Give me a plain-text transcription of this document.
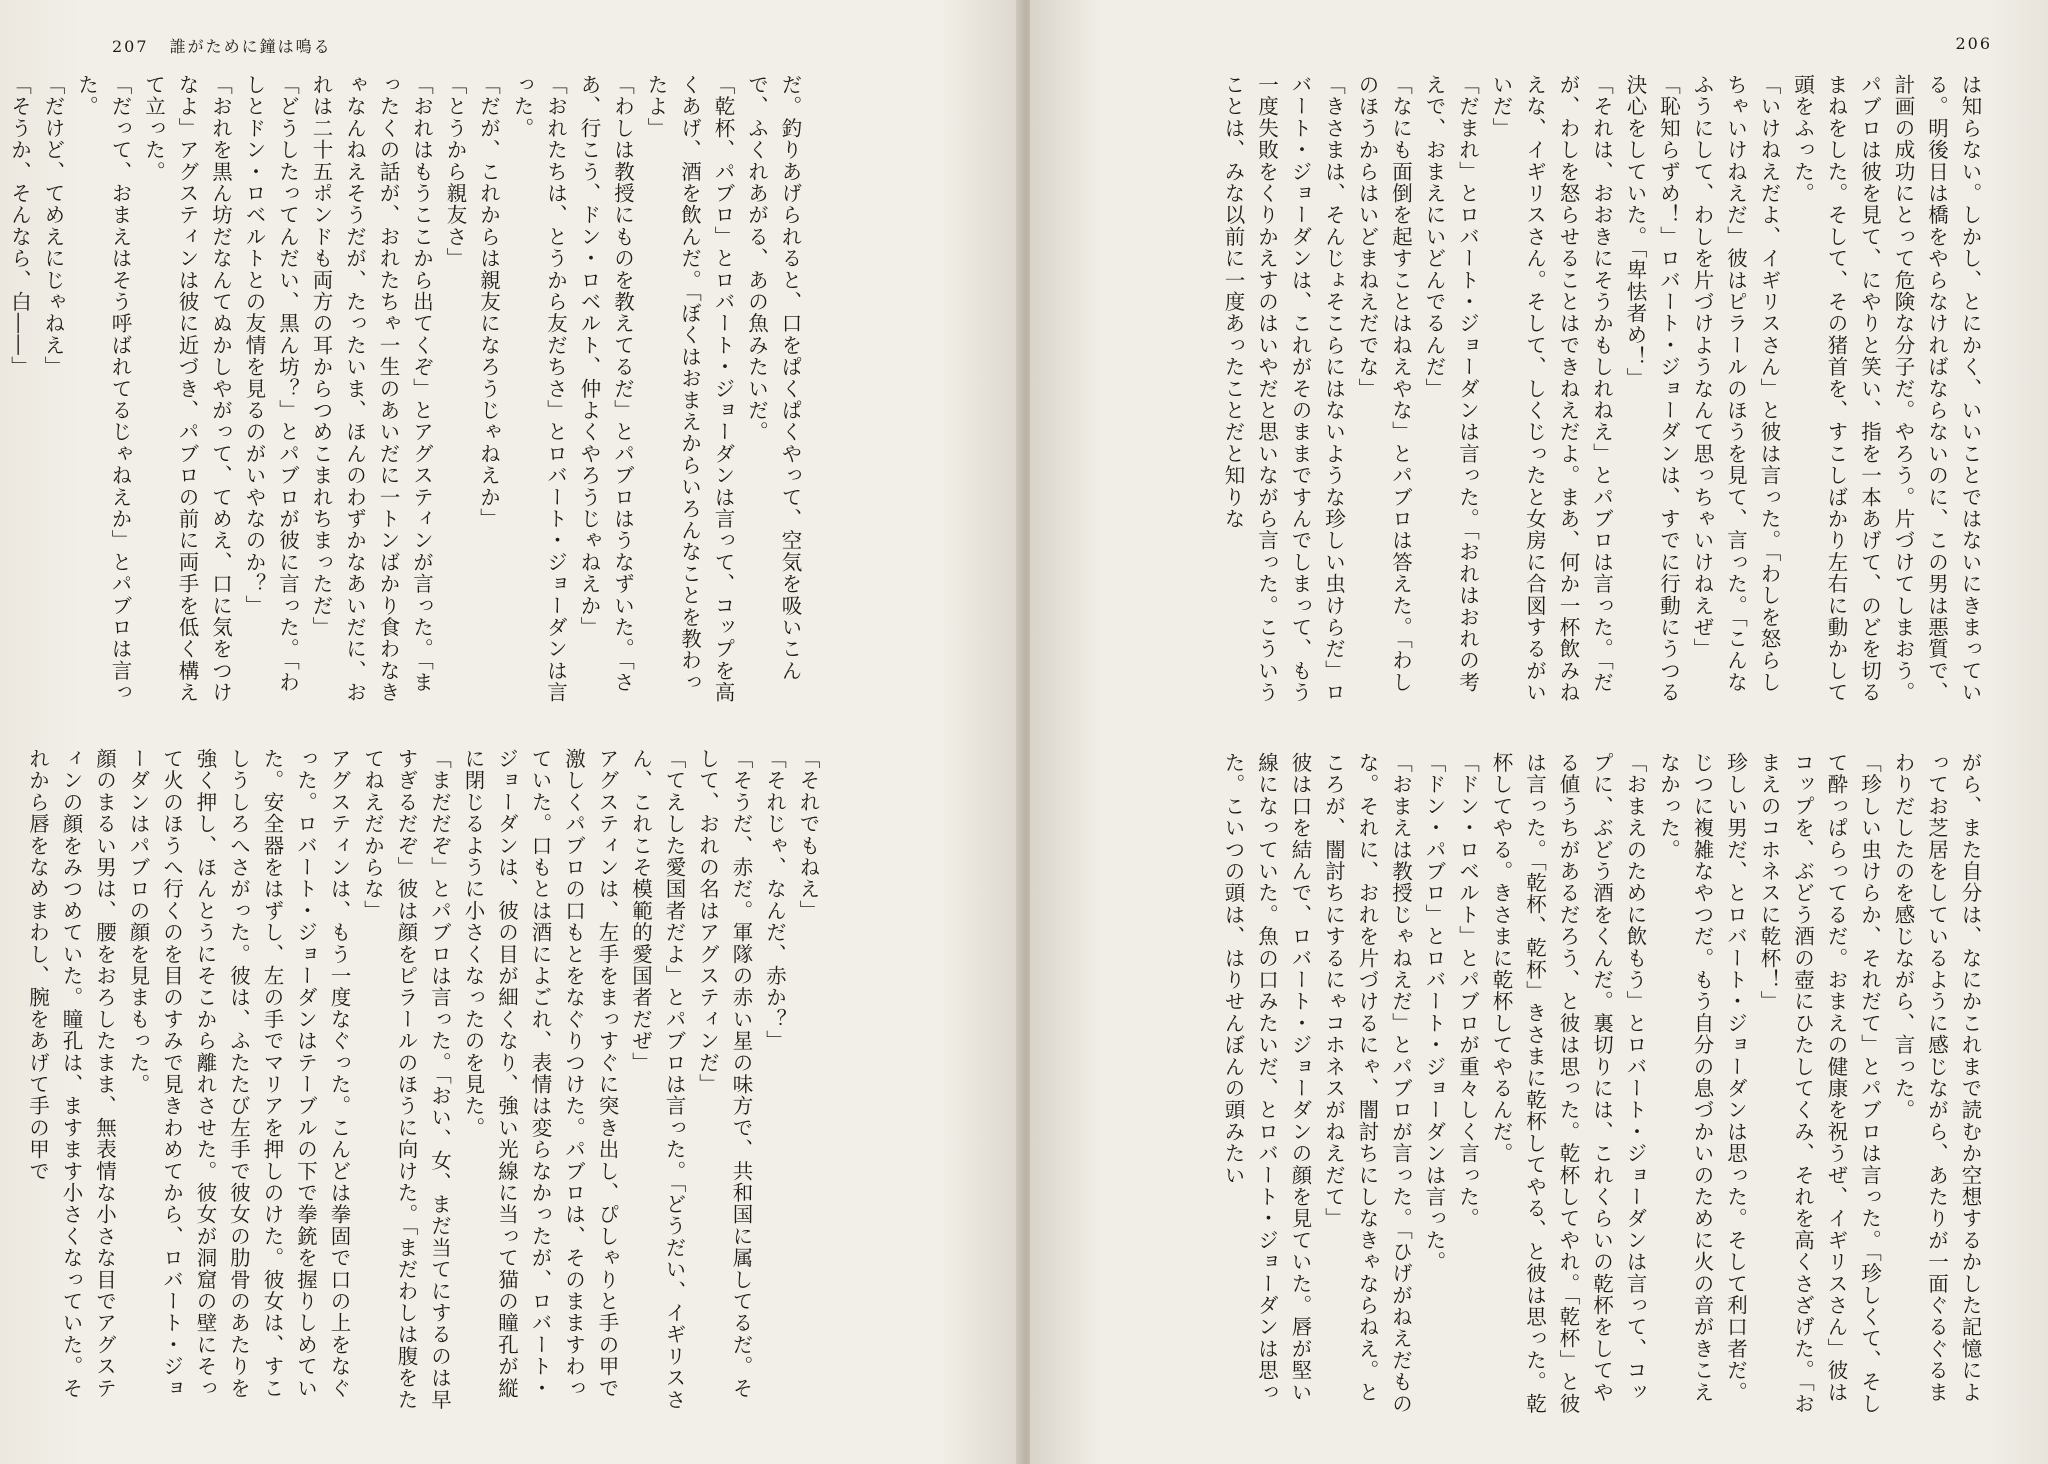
207 誰がために鐘は鳴る

だ。釣りあげられると、口をぱくぱくやって、空気を吸いこんで、ふくれあがる、あの魚みたいだ。

「乾杯、パブロ」とロバート・ジョーダンは言って、コップを高くあげ、酒を飲んだ。「ぼくはおまえからいろんなことを教わったよ」

「わしは教授にものを教えてるだ」とパブロはうなずいた。「さあ、行こう、ドン・ロベルト、仲よくやろうじゃねえか」

「おれたちは、とうから友だちさ」とロバート・ジョーダンは言った。

「だが、これからは親友になろうじゃねえか」

「とうから親友さ」

「おれはもうここから出てくぞ」とアグスティンが言った。「まったくの話が、おれたちゃ一生のあいだに一トンばかり食わなきゃなんねえそうだが、たったいま、ほんのわずかなあいだに、おれは二十五ポンドも両方の耳からつめこまれちまっただ」

「どうしたってんだい、黒ん坊？」とパブロが彼に言った。「わしとドン・ロベルトとの友情を見るのがいやなのか？」

「おれを黒ん坊だなんてぬかしやがって、てめえ、口に気をつけなよ」アグスティンは彼に近づき、パブロの前に両手を低く構えて立った。

「だって、おまえはそう呼ばれてるじゃねえか」とパブロは言った。

「だけど、てめえにじゃねえ」

「そうか、そんなら、白――」

「それでもねえ」

「それじゃ、なんだ、赤か？」

「そうだ、赤だ。軍隊の赤い星の味方で、共和国に属してるだ。そして、おれの名はアグスティンだ」

「てえした愛国者だよ」とパブロは言った。「どうだい、イギリスさん、これこそ模範的愛国者だぜ」

アグスティンは、左手をまっすぐに突き出し、ぴしゃりと手の甲で激しくパブロの口もとをなぐりつけた。パブロは、そのまますわっていた。口もとは酒によごれ、表情は変らなかったが、ロバート・ジョーダンは、彼の目が細くなり、強い光線に当って猫の瞳孔が縦に閉じるように小さくなったのを見た。

「まだだぞ」とパブロは言った。「おい、女、まだ当てにするのは早すぎるだぞ」彼は顔をピラールのほうに向けた。「まだわしは腹をたてねえだからな」

アグスティンは、もう一度なぐった。こんどは拳固で口の上をなぐった。ロバート・ジョーダンはテーブルの下で拳銃を握りしめていた。安全器をはずし、左の手でマリアを押しのけた。彼女は、すこしうしろへさがった。彼は、ふたたび左手で彼女の肋骨のあたりを強く押し、ほんとうにそこから離れさせた。彼女が洞窟の壁にそって火のほうへ行くのを目のすみで見きわめてから、ロバート・ジョーダンはパブロの顔を見まもった。

顔のまるい男は、腰をおろしたまま、無表情な小さな目でアグスティンの顔をみつめていた。瞳孔は、ますます小さくなっていた。それから唇をなめまわし、腕をあげて手の甲で

206

は知らない。しかし、とにかく、いいことではないにきまっている。明後日は橋をやらなければならないのに、この男は悪質で、計画の成功にとって危険な分子だ。やろう。片づけてしまおう。

パブロは彼を見て、にやりと笑い、指を一本あげて、のどを切るまねをした。そして、その猪首を、すこしばかり左右に動かして頭をふった。

「いけねえだよ、イギリスさん」と彼は言った。「わしを怒らしちゃいけねえだ」彼はピラールのほうを見て、言った。「こんなふうにして、わしを片づけようなんて思っちゃいけねえぜ」

「恥知らずめ！」ロバート・ジョーダンは、すでに行動にうつる決心をしていた。「卑怯者め！」

「それは、おおきにそうかもしれねえ」とパブロは言った。「だが、わしを怒らせることはできねえだよ。まあ、何か一杯飲みねえな、イギリスさん。そして、しくじったと女房に合図するがいいだ」

「だまれ」とロバート・ジョーダンは言った。「おれはおれの考えで、おまえにいどんでるんだ」

「なにも面倒を起すことはねえやな」とパブロは答えた。「わしのほうからはいどまねえだでな」

「きさまは、そんじょそこらにはないような珍しい虫けらだ」ロバート・ジョーダンは、これがそのままですんでしまって、もう一度失敗をくりかえすのはいやだと思いながら言った。こういうことは、みな以前に一度あったことだと知りな

がら、また自分は、なにかこれまで読むか空想するかした記憶によってお芝居をしているように感じながら、あたりが一面ぐるぐるまわりだしたのを感じながら、言った。

「珍しい虫けらか、それだて」とパブロは言った。「珍しくて、そして酔っぱらってるだ。おまえの健康を祝うぜ、イギリスさん」彼はコップを、ぶどう酒の壺にひたしてくみ、それを高くさざげた。「おまえのコホネスに乾杯！」

珍しい男だ、とロバート・ジョーダンは思った。そして利口者だ。じつに複雑なやつだ。もう自分の息づかいのために火の音がきこえなかった。

「おまえのために飲もう」とロバート・ジョーダンは言って、コップに、ぶどう酒をくんだ。裏切りには、これくらいの乾杯をしてやる値うちがあるだろう、と彼は思った。乾杯してやれ。「乾杯」と彼は言った。「乾杯、乾杯」きさまに乾杯してやる、と彼は思った。乾杯してやる。きさまに乾杯してやるんだ。

「ドン・ロベルト」とパブロが重々しく言った。

「ドン・パブロ」とロバート・ジョーダンは言った。

「おまえは教授じゃねえだ」とパブロが言った。「ひげがねえだものな。それに、おれを片づけるにゃ、闇討ちにしなきゃならねえ。ところが、闇討ちにするにゃコホネスがねえだて」

彼は口を結んで、ロバート・ジョーダンの顔を見ていた。唇が堅い線になっていた。魚の口みたいだ、とロバート・ジョーダンは思った。こいつの頭は、はりせんぼんの頭みたい
